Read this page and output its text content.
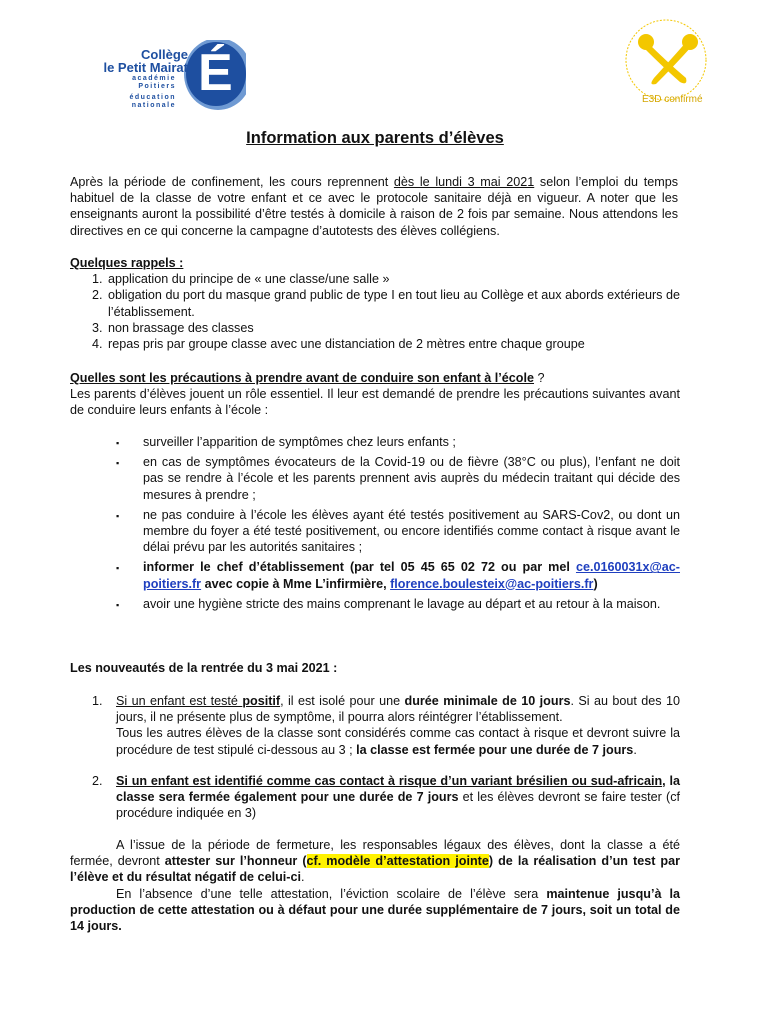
É
Collège
le Petit Mairat
académie
Poitiers
éducation
nationale
E3D confirmé
Information aux parents d’élèves

Après la période de confinement, les cours reprennent dès le lundi 3 mai 2021 selon l’emploi du temps habituel de la classe de votre enfant et ce avec le protocole sanitaire déjà en vigueur. A noter que les enseignants auront la possibilité d’être testés à domicile à raison de 2 fois par semaine. Nous attendons les directives en ce qui concerne la campagne d’autotests des élèves collégiens.

Quelques rappels :

1. application du principe de « une classe/une salle »
2. obligation du port du masque grand public de type I en tout lieu au Collège et aux abords extérieurs de l’établissement.
3. non brassage des classes
4. repas pris par groupe classe avec une distanciation de 2 mètres entre chaque groupe

Quelles sont les précautions à prendre avant de conduire son enfant à l’école ?

Les parents d’élèves jouent un rôle essentiel. Il leur est demandé de prendre les précautions suivantes avant de conduire leurs enfants à l’école :

▪ surveiller l’apparition de symptômes chez leurs enfants ;
▪ en cas de symptômes évocateurs de la Covid-19 ou de fièvre (38°C ou plus), l’enfant ne doit pas se rendre à l’école et les parents prennent avis auprès du médecin traitant qui décide des mesures à prendre ;
▪ ne pas conduire à l’école les élèves ayant été testés positivement au SARS-Cov2, ou dont un membre du foyer a été testé positivement, ou encore identifiés comme contact à risque avant le délai prévu par les autorités sanitaires ;
▪ informer le chef d’établissement (par tel 05 45 65 02 72 ou par mel ce.0160031x@ac-poitiers.fr avec copie à Mme L’infirmière, florence.boulesteix@ac-poitiers.fr)
▪ avoir une hygiène stricte des mains comprenant le lavage au départ et au retour à la maison.

Les nouveautés de la rentrée du 3 mai 2021 :

1. Si un enfant est testé positif, il est isolé pour une durée minimale de 10 jours. Si au bout des 10 jours, il ne présente plus de symptôme, il pourra alors réintégrer l’établissement.
Tous les autres élèves de la classe sont considérés comme cas contact à risque et devront suivre la procédure de test stipulé ci-dessous au 3 ; la classe est fermée pour une durée de 7 jours.
2. Si un enfant est identifié comme cas contact à risque d’un variant brésilien ou sud-africain, la classe sera fermée également pour une durée de 7 jours et les élèves devront se faire tester (cf procédure indiquée en 3)

A l’issue de la période de fermeture, les responsables légaux des élèves, dont la classe a été fermée, devront attester sur l’honneur (cf. modèle d’attestation jointe) de la réalisation d’un test par l’élève et du résultat négatif de celui-ci.

En l’absence d’une telle attestation, l’éviction scolaire de l’élève sera maintenue jusqu’à la production de cette attestation ou à défaut pour une durée supplémentaire de 7 jours, soit un total de 14 jours.
